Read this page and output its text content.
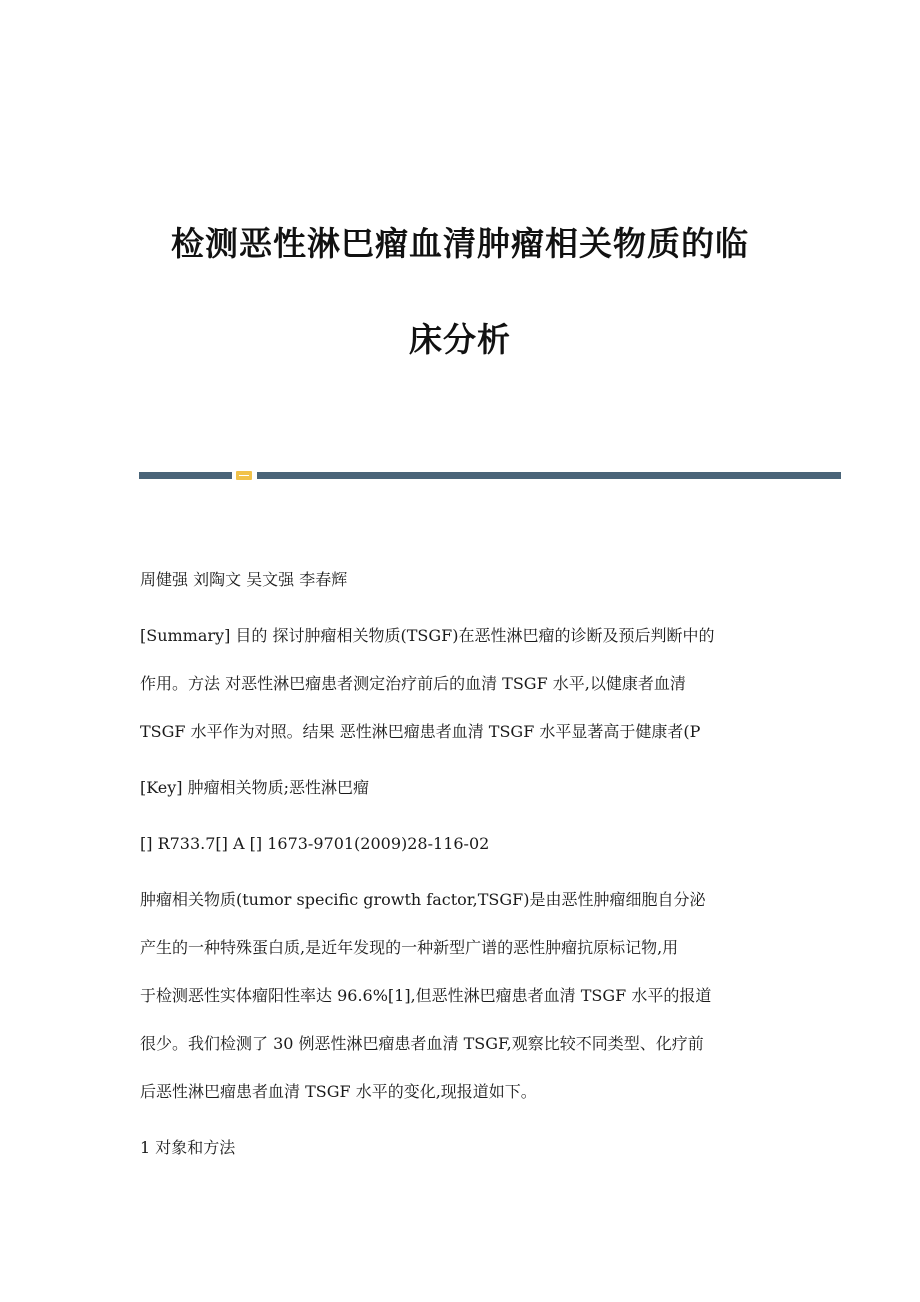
检测恶性淋巴瘤血清肿瘤相关物质的临
床分析
周健强 刘陶文 吴文强 李春辉
[Summary] 目的 探讨肿瘤相关物质(TSGF)在恶性淋巴瘤的诊断及预后判断中的
作用。方法 对恶性淋巴瘤患者测定治疗前后的血清 TSGF 水平,以健康者血清
TSGF 水平作为对照。结果 恶性淋巴瘤患者血清 TSGF 水平显著高于健康者(P
[Key] 肿瘤相关物质;恶性淋巴瘤
[] R733.7[] A [] 1673-9701(2009)28-116-02
肿瘤相关物质(tumor specific growth factor,TSGF)是由恶性肿瘤细胞自分泌
产生的一种特殊蛋白质,是近年发现的一种新型广谱的恶性肿瘤抗原标记物,用
于检测恶性实体瘤阳性率达 96.6%[1],但恶性淋巴瘤患者血清 TSGF 水平的报道
很少。我们检测了 30 例恶性淋巴瘤患者血清 TSGF,观察比较不同类型、化疗前
后恶性淋巴瘤患者血清 TSGF 水平的变化,现报道如下。
1 对象和方法
